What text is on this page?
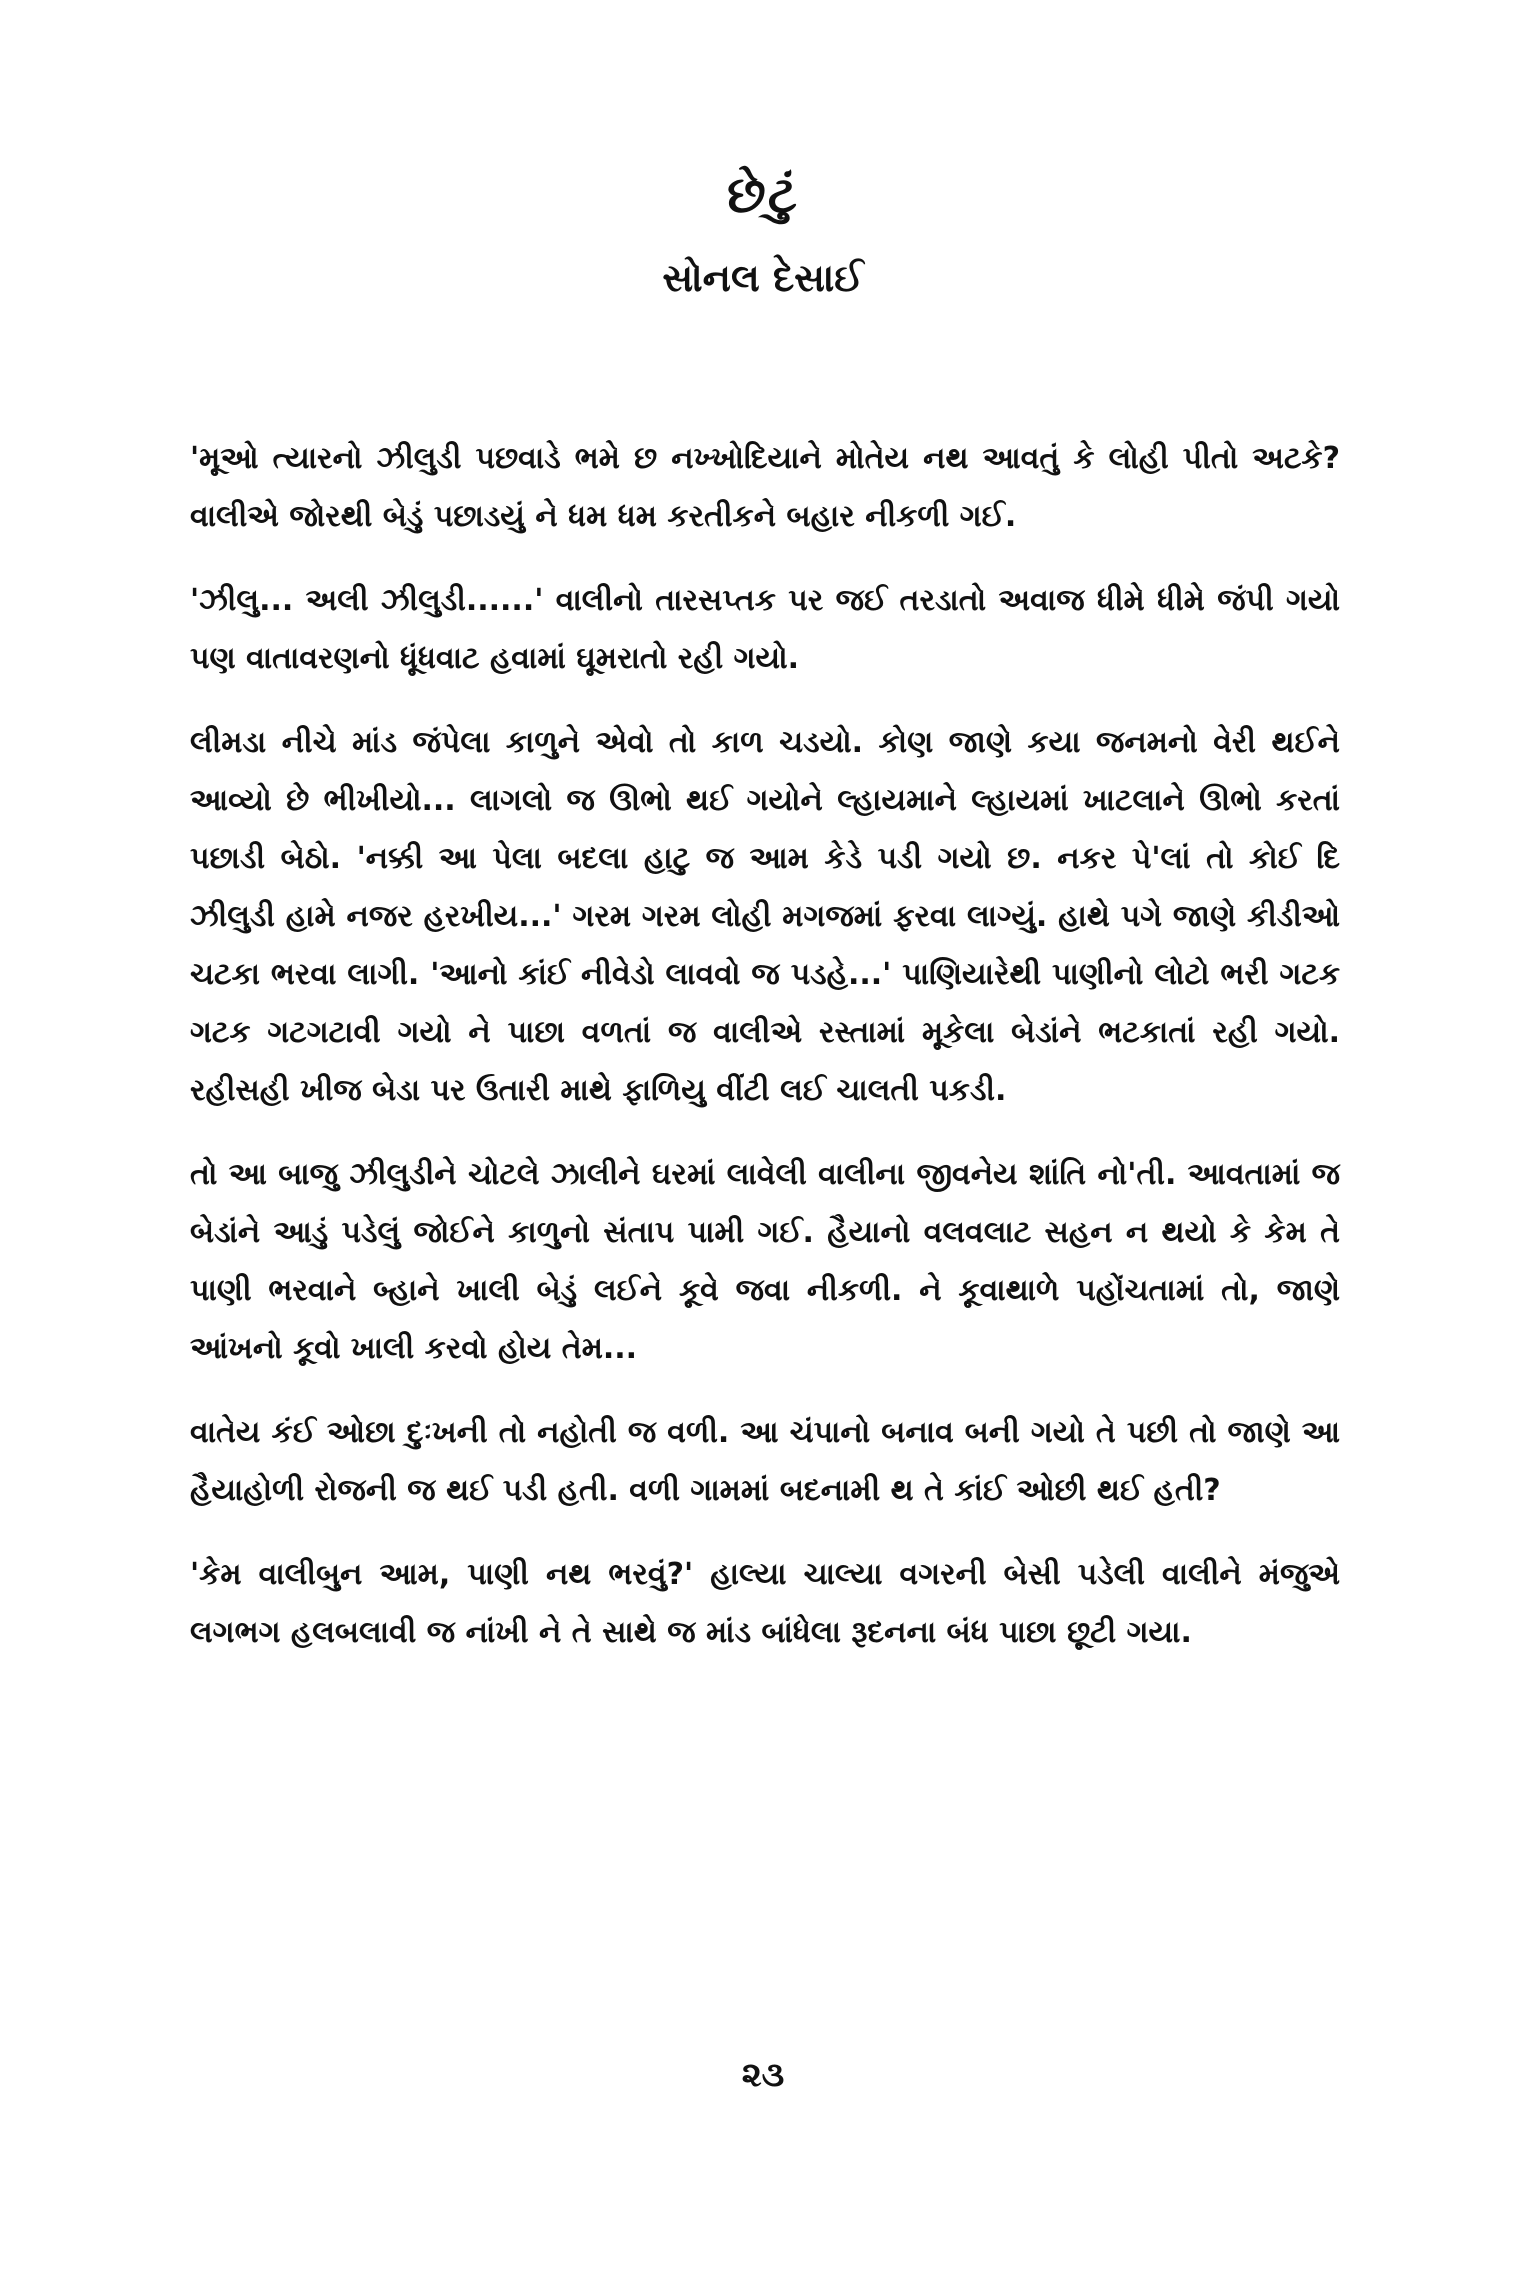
છેટું
સોનલ દેસાઈ

'મૂઓ ત્યારનો ઝીલુડી પછવાડે ભમે છ નખ્ખોદિયાને મોતેય નથ આવતું કે લોહી પીતો અટકે? વાલીએ જોરથી બેડું પછાડયું ને ધમ ધમ કરતીકને બહાર નીકળી ગઈ.

'ઝીલુ... અલી ઝીલુડી......' વાલીનો તારસપ્તક પર જઈ તરડાતો અવાજ ધીમે ધીમે જંપી ગયો પણ વાતાવરણનો ધૂંધવાટ હવામાં ઘૂમરાતો રહી ગયો.

લીમડા નીચે માંડ જંપેલા કાળુને એવો તો કાળ ચડયો. કોણ જાણે કયા જનમનો વેરી થઈને આવ્યો છે ભીખીયો... લાગલો જ ઊભો થઈ ગયોને લ્હાયમાને લ્હાયમાં ખાટલાને ઊભો કરતાં પછાડી બેઠો. 'નક્કી આ પેલા બદલા હાટુ જ આમ કેડે પડી ગયો છ. નકર પે'લાં તો કોઈ દિ ઝીલુડી હામે નજર હરખીય...' ગરમ ગરમ લોહી મગજમાં ફરવા લાગ્યું. હાથે પગે જાણે કીડીઓ ચટકા ભરવા લાગી. 'આનો કાંઈ નીવેડો લાવવો જ પડહે...' પાણિયારેથી પાણીનો લોટો ભરી ગટક ગટક ગટગટાવી ગયો ને પાછા વળતાં જ વાલીએ રસ્તામાં મૂકેલા બેડાંને ભટકાતાં રહી ગયો. રહીસહી ખીજ બેડા પર ઉતારી માથે ફાળિયુ વીંટી લઈ ચાલતી પકડી.

તો આ બાજુ ઝીલુડીને ચોટલે ઝાલીને ઘરમાં લાવેલી વાલીના જીવનેય શાંતિ નો'તી. આવતામાં જ બેડાંને આડું પડેલું જોઈને કાળુનો સંતાપ પામી ગઈ. હૈયાનો વલવલાટ સહન ન થયો કે કેમ તે પાણી ભરવાને બ્હાને ખાલી બેડું લઈને કૂવે જવા નીકળી. ને કૂવાથાળે પહોંચતામાં તો, જાણે આંખનો કૂવો ખાલી કરવો હોય તેમ...

વાતેય કંઈ ઓછા દુઃખની તો નહોતી જ વળી. આ ચંપાનો બનાવ બની ગયો તે પછી તો જાણે આ હૈયાહોળી રોજની જ થઈ પડી હતી. વળી ગામમાં બદનામી થ તે કાંઈ ઓછી થઈ હતી?

'કેમ વાલીબુન આમ, પાણી નથ ભરવું?' હાલ્યા ચાલ્યા વગરની બેસી પડેલી વાલીને મંજુએ લગભગ હલબલાવી જ નાંખી ને તે સાથે જ માંડ બાંધેલા રૂદનના બંધ પાછા છૂટી ગયા.

૨૩
